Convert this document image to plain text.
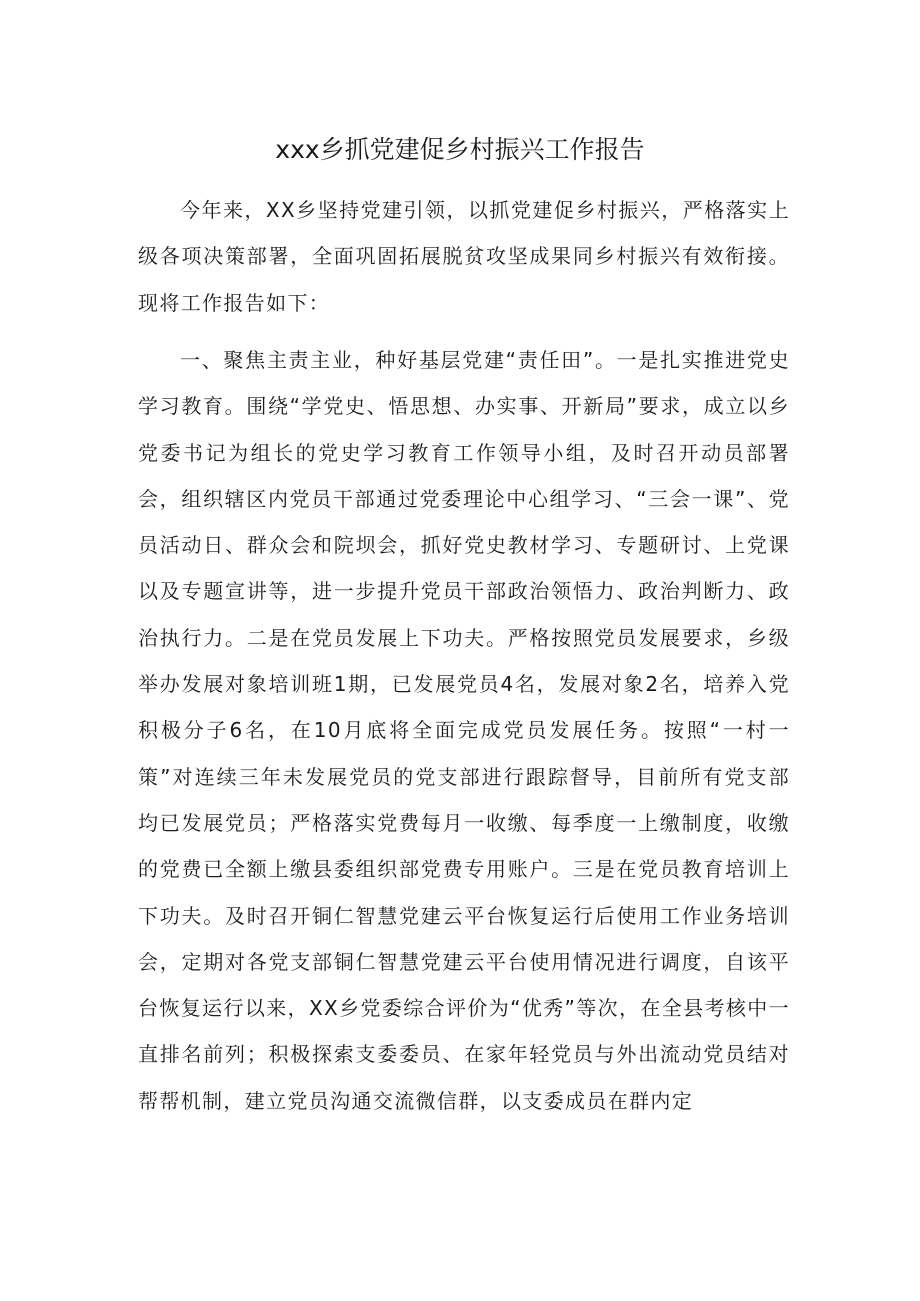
xxx乡抓党建促乡村振兴工作报告

今年来，XX乡坚持党建引领，以抓党建促乡村振兴，严格落实上级各项决策部署，全面巩固拓展脱贫攻坚成果同乡村振兴有效衔接。现将工作报告如下：

一、聚焦主责主业，种好基层党建“责任田”。一是扎实推进党史学习教育。围绕“学党史、悟思想、办实事、开新局”要求，成立以乡党委书记为组长的党史学习教育工作领导小组，及时召开动员部署会，组织辖区内党员干部通过党委理论中心组学习、“三会一课”、党员活动日、群众会和院坝会，抓好党史教材学习、专题研讨、上党课以及专题宣讲等，进一步提升党员干部政治领悟力、政治判断力、政治执行力。二是在党员发展上下功夫。严格按照党员发展要求，乡级举办发展对象培训班1期，已发展党员4名，发展对象2名，培养入党积极分子6名，在10月底将全面完成党员发展任务。按照“一村一策”对连续三年未发展党员的党支部进行跟踪督导，目前所有党支部均已发展党员；严格落实党费每月一收缴、每季度一上缴制度，收缴的党费已全额上缴县委组织部党费专用账户。三是在党员教育培训上下功夫。及时召开铜仁智慧党建云平台恢复运行后使用工作业务培训会，定期对各党支部铜仁智慧党建云平台使用情况进行调度，自该平台恢复运行以来，XX乡党委综合评价为“优秀”等次，在全县考核中一直排名前列；积极探索支委委员、在家年轻党员与外出流动党员结对帮帮机制，建立党员沟通交流微信群，以支委成员在群内定
